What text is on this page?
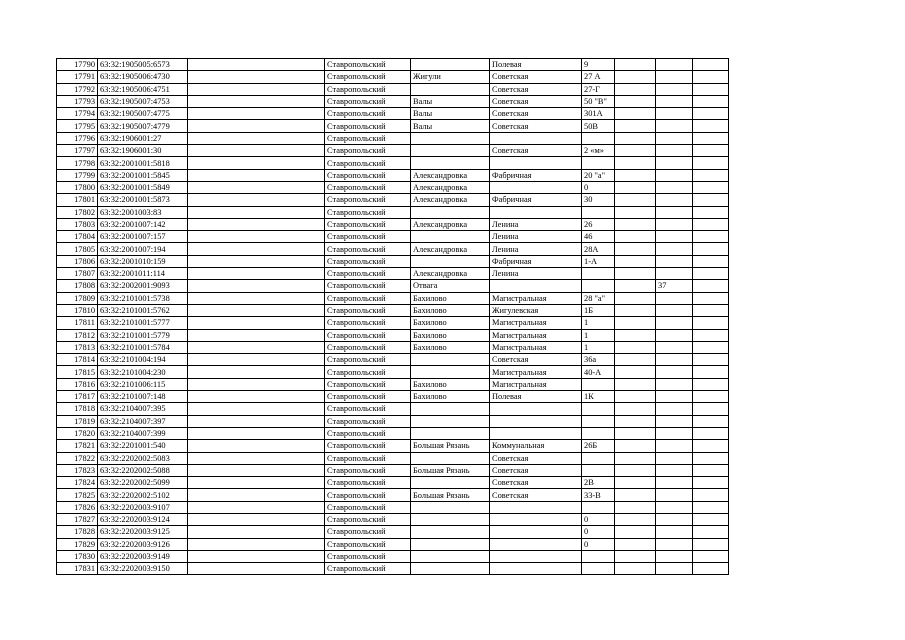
17790	63:32:1905005:6573		Ставропольский		Полевая	9			
17791	63:32:1905006:4730		Ставропольский	Жигули	Советская	27 А			
17792	63:32:1905006:4751		Ставропольский		Советская	27-Г			
17793	63:32:1905007:4753		Ставропольский	Валы	Советская	50 "В"			
17794	63:32:1905007:4775		Ставропольский	Валы	Советская	301А			
17795	63:32:1905007:4779		Ставропольский	Валы	Советская	50В			
17796	63:32:1906001:27		Ставропольский						
17797	63:32:1906001:30		Ставропольский		Советская	2 «м»			
17798	63:32:2001001:5818		Ставропольский						
17799	63:32:2001001:5845		Ставропольский	Александровка	Фабричная	20 "а"			
17800	63:32:2001001:5849		Ставропольский	Александровка		0			
17801	63:32:2001001:5873		Ставропольский	Александровка	Фабричная	30			
17802	63:32:2001003:83		Ставропольский						
17803	63:32:2001007:142		Ставропольский	Александровка	Ленина	26			
17804	63:32:2001007:157		Ставропольский		Ленина	46			
17805	63:32:2001007:194		Ставропольский	Александровка	Ленина	28А			
17806	63:32:2001010:159		Ставропольский		Фабричная	1-А			
17807	63:32:2001011:114		Ставропольский	Александровка	Ленина				
17808	63:32:2002001:9093		Ставропольский	Отвага				37	
17809	63:32:2101001:5738		Ставропольский	Бахилово	Магистральная	28 "а"			
17810	63:32:2101001:5762		Ставропольский	Бахилово	Жигулевская	1Б			
17811	63:32:2101001:5777		Ставропольский	Бахилово	Магистральная	1			
17812	63:32:2101001:5779		Ставропольский	Бахилово	Магистральная	1			
17813	63:32:2101001:5784		Ставропольский	Бахилово	Магистральная	1			
17814	63:32:2101004:194		Ставропольский		Советская	36а			
17815	63:32:2101004:230		Ставропольский		Магистральная	40-А			
17816	63:32:2101006:115		Ставропольский	Бахилово	Магистральная				
17817	63:32:2101007:148		Ставропольский	Бахилово	Полевая	1К			
17818	63:32:2104007:395		Ставропольский						
17819	63:32:2104007:397		Ставропольский						
17820	63:32:2104007:399		Ставропольский						
17821	63:32:2201001:540		Ставропольский	Большая Рязань	Коммунальная	26Б			
17822	63:32:2202002:5083		Ставропольский		Советская				
17823	63:32:2202002:5088		Ставропольский	Большая Рязань	Советская				
17824	63:32:2202002:5099		Ставропольский		Советская	2В			
17825	63:32:2202002:5102		Ставропольский	Большая Рязань	Советская	33-В			
17826	63:32:2202003:9107		Ставропольский						
17827	63:32:2202003:9124		Ставропольский			0			
17828	63:32:2202003:9125		Ставропольский			0			
17829	63:32:2202003:9126		Ставропольский			0			
17830	63:32:2202003:9149		Ставропольский						
17831	63:32:2202003:9150		Ставропольский						
